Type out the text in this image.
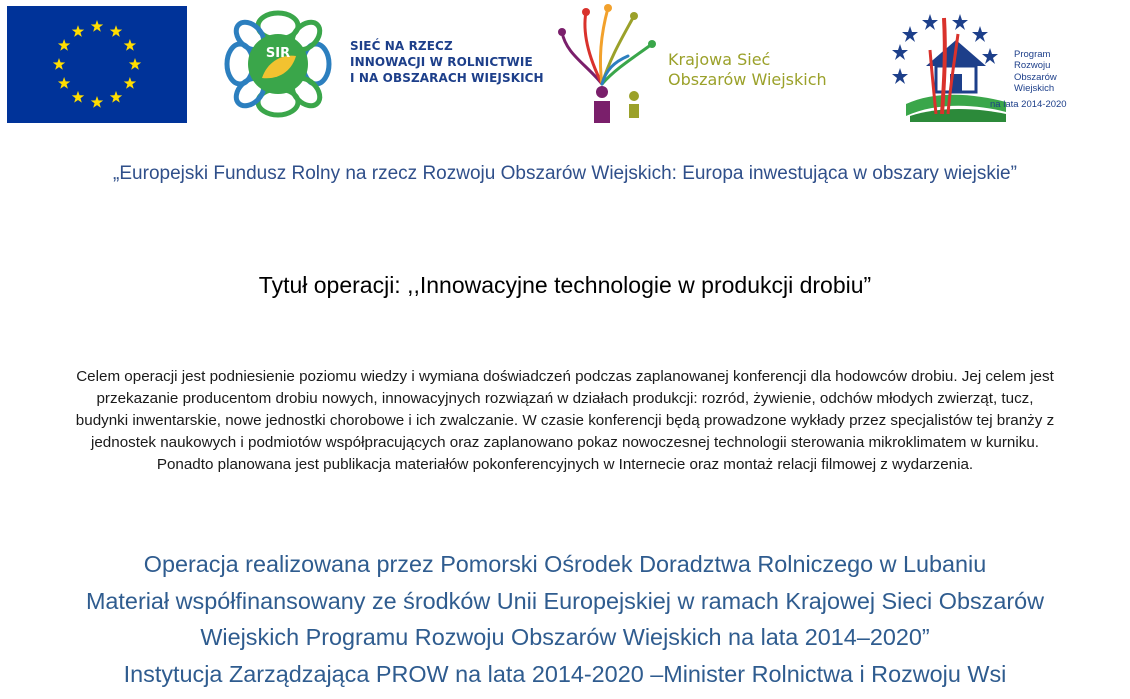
SIR	SIEĆ NA RZECZ
INNOWACJI W ROLNICTWIE
I NA OBSZARACH WIEJSKICH
Krajowa Sieć
Obszarów Wiejskich
Program
Rozwoju
Obszarów
Wiejskich
na lata 2014-2020
„Europejski Fundusz Rolny na rzecz Rozwoju Obszarów Wiejskich: Europa inwestująca w obszary wiejskie”
Tytuł operacji: ,,Innowacyjne technologie w produkcji drobiu”
Celem operacji jest podniesienie poziomu wiedzy i wymiana doświadczeń podczas zaplanowanej konferencji dla hodowców drobiu. Jej celem jest
przekazanie producentom drobiu nowych, innowacyjnych rozwiązań w działach produkcji: rozród, żywienie, odchów młodych zwierząt, tucz,
budynki inwentarskie, nowe jednostki chorobowe i ich zwalczanie. W czasie konferencji będą prowadzone wykłady przez specjalistów tej branży z
jednostek naukowych i podmiotów współpracujących oraz zaplanowano pokaz nowoczesnej technologii sterowania mikroklimatem w kurniku.
Ponadto planowana jest publikacja materiałów pokonferencyjnych w Internecie oraz montaż relacji filmowej z wydarzenia.
Operacja realizowana przez Pomorski Ośrodek Doradztwa Rolniczego w Lubaniu
Materiał współfinansowany ze środków Unii Europejskiej w ramach Krajowej Sieci Obszarów
Wiejskich Programu Rozwoju Obszarów Wiejskich na lata 2014–2020”
Instytucja Zarządzająca PROW na lata 2014-2020 –Minister Rolnictwa i Rozwoju Wsi
